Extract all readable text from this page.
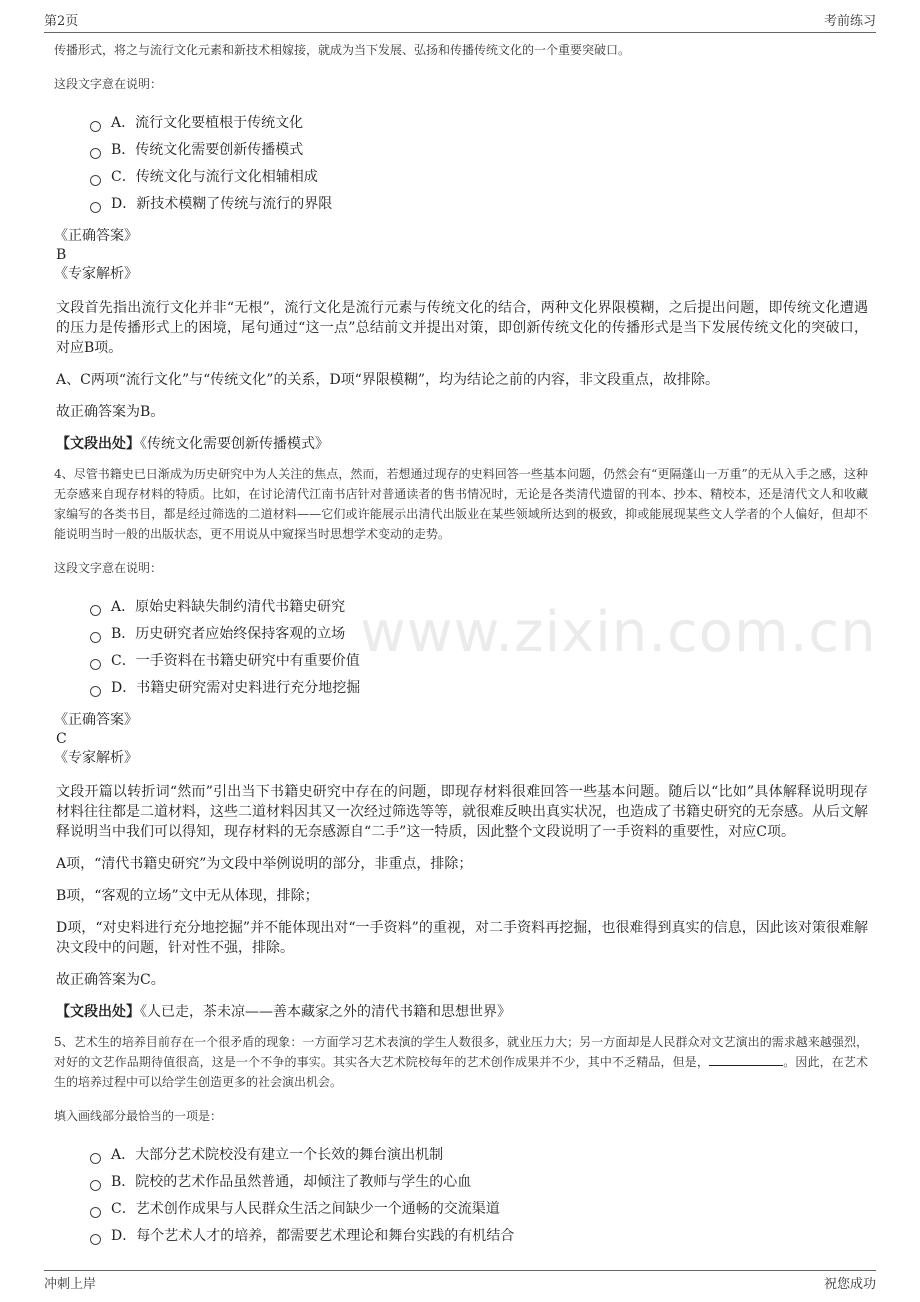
第2页	考前练习
www.zixin.com.cn

传播形式，将之与流行文化元素和新技术相嫁接，就成为当下发展、弘扬和传播传统文化的一个重要突破口。

这段文字意在说明：

A．流行文化要植根于传统文化
B．传统文化需要创新传播模式
C．传统文化与流行文化相辅相成
D．新技术模糊了传统与流行的界限

《正确答案》

B

《专家解析》

文段首先指出流行文化并非“无根”，流行文化是流行元素与传统文化的结合，两种文化界限模糊，之后提出问题，即传统文化遭遇的压力是传播形式上的困境，尾句通过“这一点”总结前文并提出对策，即创新传统文化的传播形式是当下发展传统文化的突破口，对应B项。

A、C两项“流行文化”与“传统文化”的关系，D项“界限模糊”，均为结论之前的内容，非文段重点，故排除。

故正确答案为B。

【文段出处】《传统文化需要创新传播模式》

4、尽管书籍史已日渐成为历史研究中为人关注的焦点，然而，若想通过现存的史料回答一些基本问题，仍然会有“更隔蓬山一万重”的无从入手之感，这种无奈感来自现存材料的特质。比如，在讨论清代江南书店针对普通读者的售书情况时，无论是各类清代遗留的刊本、抄本、精校本，还是清代文人和收藏家编写的各类书目，都是经过筛选的二道材料——它们或许能展示出清代出版业在某些领域所达到的极致，抑或能展现某些文人学者的个人偏好，但却不能说明当时一般的出版状态，更不用说从中窥探当时思想学术变动的走势。

这段文字意在说明：

A．原始史料缺失制约清代书籍史研究
B．历史研究者应始终保持客观的立场
C．一手资料在书籍史研究中有重要价值
D．书籍史研究需对史料进行充分地挖掘

《正确答案》

C

《专家解析》

文段开篇以转折词“然而”引出当下书籍史研究中存在的问题，即现存材料很难回答一些基本问题。随后以“比如”具体解释说明现存材料往往都是二道材料，这些二道材料因其又一次经过筛选等等，就很难反映出真实状况，也造成了书籍史研究的无奈感。从后文解释说明当中我们可以得知，现存材料的无奈感源自“二手”这一特质，因此整个文段说明了一手资料的重要性，对应C项。

A项，“清代书籍史研究”为文段中举例说明的部分，非重点，排除；

B项，“客观的立场”文中无从体现，排除；

D项，“对史料进行充分地挖掘”并不能体现出对“一手资料”的重视，对二手资料再挖掘，也很难得到真实的信息，因此该对策很难解决文段中的问题，针对性不强，排除。

故正确答案为C。

【文段出处】《人已走，茶未凉——善本藏家之外的清代书籍和思想世界》

5、艺术生的培养目前存在一个很矛盾的现象：一方面学习艺术表演的学生人数很多，就业压力大；另一方面却是人民群众对文艺演出的需求越来越强烈，对好的文艺作品期待值很高，这是一个不争的事实。其实各大艺术院校每年的艺术创作成果并不少，其中不乏精品，但是，	。因此，在艺术生的培养过程中可以给学生创造更多的社会演出机会。

填入画线部分最恰当的一项是：

A．大部分艺术院校没有建立一个长效的舞台演出机制
B．院校的艺术作品虽然普通，却倾注了教师与学生的心血
C．艺术创作成果与人民群众生活之间缺少一个通畅的交流渠道
D．每个艺术人才的培养，都需要艺术理论和舞台实践的有机结合
冲刺上岸	祝您成功
